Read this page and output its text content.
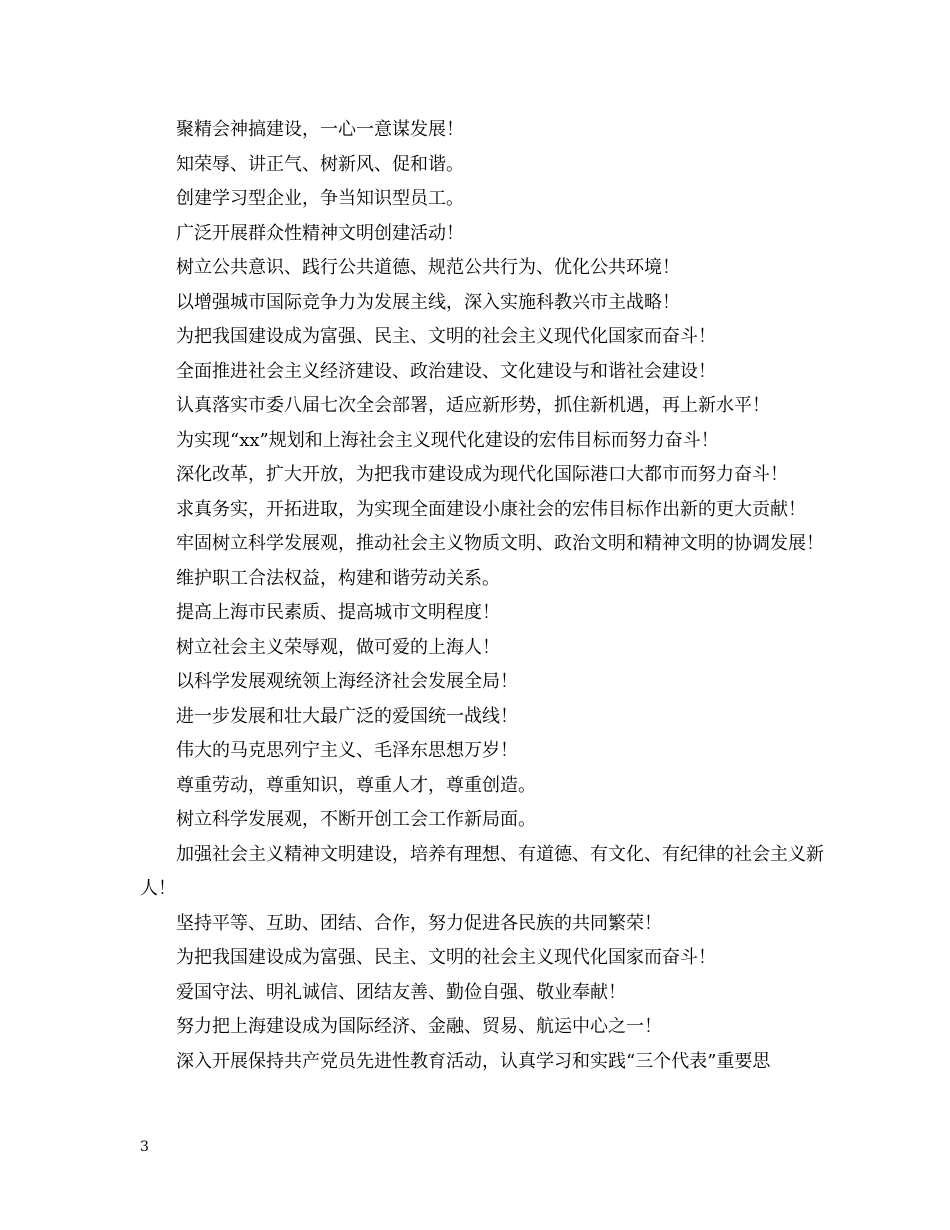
聚精会神搞建设，一心一意谋发展！

知荣辱、讲正气、树新风、促和谐。

创建学习型企业，争当知识型员工。

广泛开展群众性精神文明创建活动！

树立公共意识、践行公共道德、规范公共行为、优化公共环境！

以增强城市国际竞争力为发展主线，深入实施科教兴市主战略！

为把我国建设成为富强、民主、文明的社会主义现代化国家而奋斗！

全面推进社会主义经济建设、政治建设、文化建设与和谐社会建设！

认真落实市委八届七次全会部署，适应新形势，抓住新机遇，再上新水平！

为实现“xx”规划和上海社会主义现代化建设的宏伟目标而努力奋斗！

深化改革，扩大开放，为把我市建设成为现代化国际港口大都市而努力奋斗！

求真务实，开拓进取，为实现全面建设小康社会的宏伟目标作出新的更大贡献！

牢固树立科学发展观，推动社会主义物质文明、政治文明和精神文明的协调发展！

维护职工合法权益，构建和谐劳动关系。

提高上海市民素质、提高城市文明程度！

树立社会主义荣辱观，做可爱的上海人！

以科学发展观统领上海经济社会发展全局！

进一步发展和壮大最广泛的爱国统一战线！

伟大的马克思列宁主义、毛泽东思想万岁！

尊重劳动，尊重知识，尊重人才，尊重创造。

树立科学发展观，不断开创工会工作新局面。

加强社会主义精神文明建设，培养有理想、有道德、有文化、有纪律的社会主义新人！

坚持平等、互助、团结、合作，努力促进各民族的共同繁荣！

为把我国建设成为富强、民主、文明的社会主义现代化国家而奋斗！

爱国守法、明礼诚信、团结友善、勤俭自强、敬业奉献！

努力把上海建设成为国际经济、金融、贸易、航运中心之一！

深入开展保持共产党员先进性教育活动，认真学习和实践“三个代表”重要思

3
